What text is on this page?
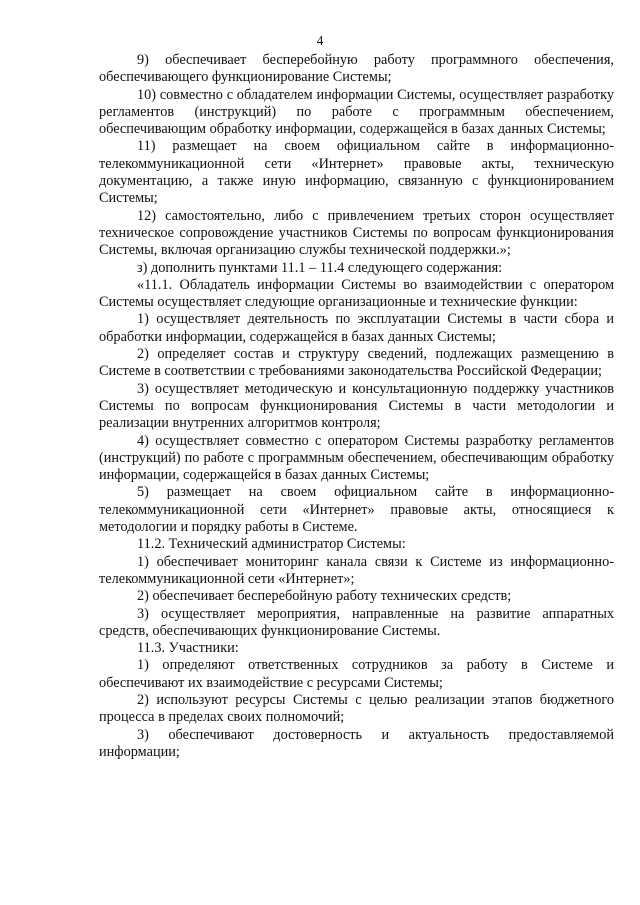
4

9) обеспечивает бесперебойную работу программного обеспечения, обеспечивающего функционирование Системы;

10) совместно с обладателем информации Системы, осуществляет разработку регламентов (инструкций) по работе с программным обеспечением, обеспечивающим обработку информации, содержащейся в базах данных Системы;

11) размещает на своем официальном сайте в информационно-телекоммуникационной сети «Интернет» правовые акты, техническую документацию, а также иную информацию, связанную с функционированием Системы;

12) самостоятельно, либо с привлечением третьих сторон осуществляет техническое сопровождение участников Системы по вопросам функционирования Системы, включая организацию службы технической поддержки.»;

з) дополнить пунктами 11.1 – 11.4 следующего содержания:

«11.1. Обладатель информации Системы во взаимодействии с оператором Системы осуществляет следующие организационные и технические функции:

1) осуществляет деятельность по эксплуатации Системы в части сбора и обработки информации, содержащейся в базах данных Системы;

2) определяет состав и структуру сведений, подлежащих размещению в Системе в соответствии с требованиями законодательства Российской Федерации;

3) осуществляет методическую и консультационную поддержку участников Системы по вопросам функционирования Системы в части методологии и реализации внутренних алгоритмов контроля;

4) осуществляет совместно с оператором Системы разработку регламентов (инструкций) по работе с программным обеспечением, обеспечивающим обработку информации, содержащейся в базах данных Системы;

5) размещает на своем официальном сайте в информационно-телекоммуникационной сети «Интернет» правовые акты, относящиеся к методологии и порядку работы в Системе.

11.2. Технический администратор Системы:

1) обеспечивает мониторинг канала связи к Системе из информационно-телекоммуникационной сети «Интернет»;

2) обеспечивает бесперебойную работу технических средств;

3) осуществляет мероприятия, направленные на развитие аппаратных средств, обеспечивающих функционирование Системы.

11.3. Участники:

1) определяют ответственных сотрудников за работу в Системе и обеспечивают их взаимодействие с ресурсами Системы;

2) используют ресурсы Системы с целью реализации этапов бюджетного процесса в пределах своих полномочий;

3) обеспечивают достоверность и актуальность предоставляемой информации;
